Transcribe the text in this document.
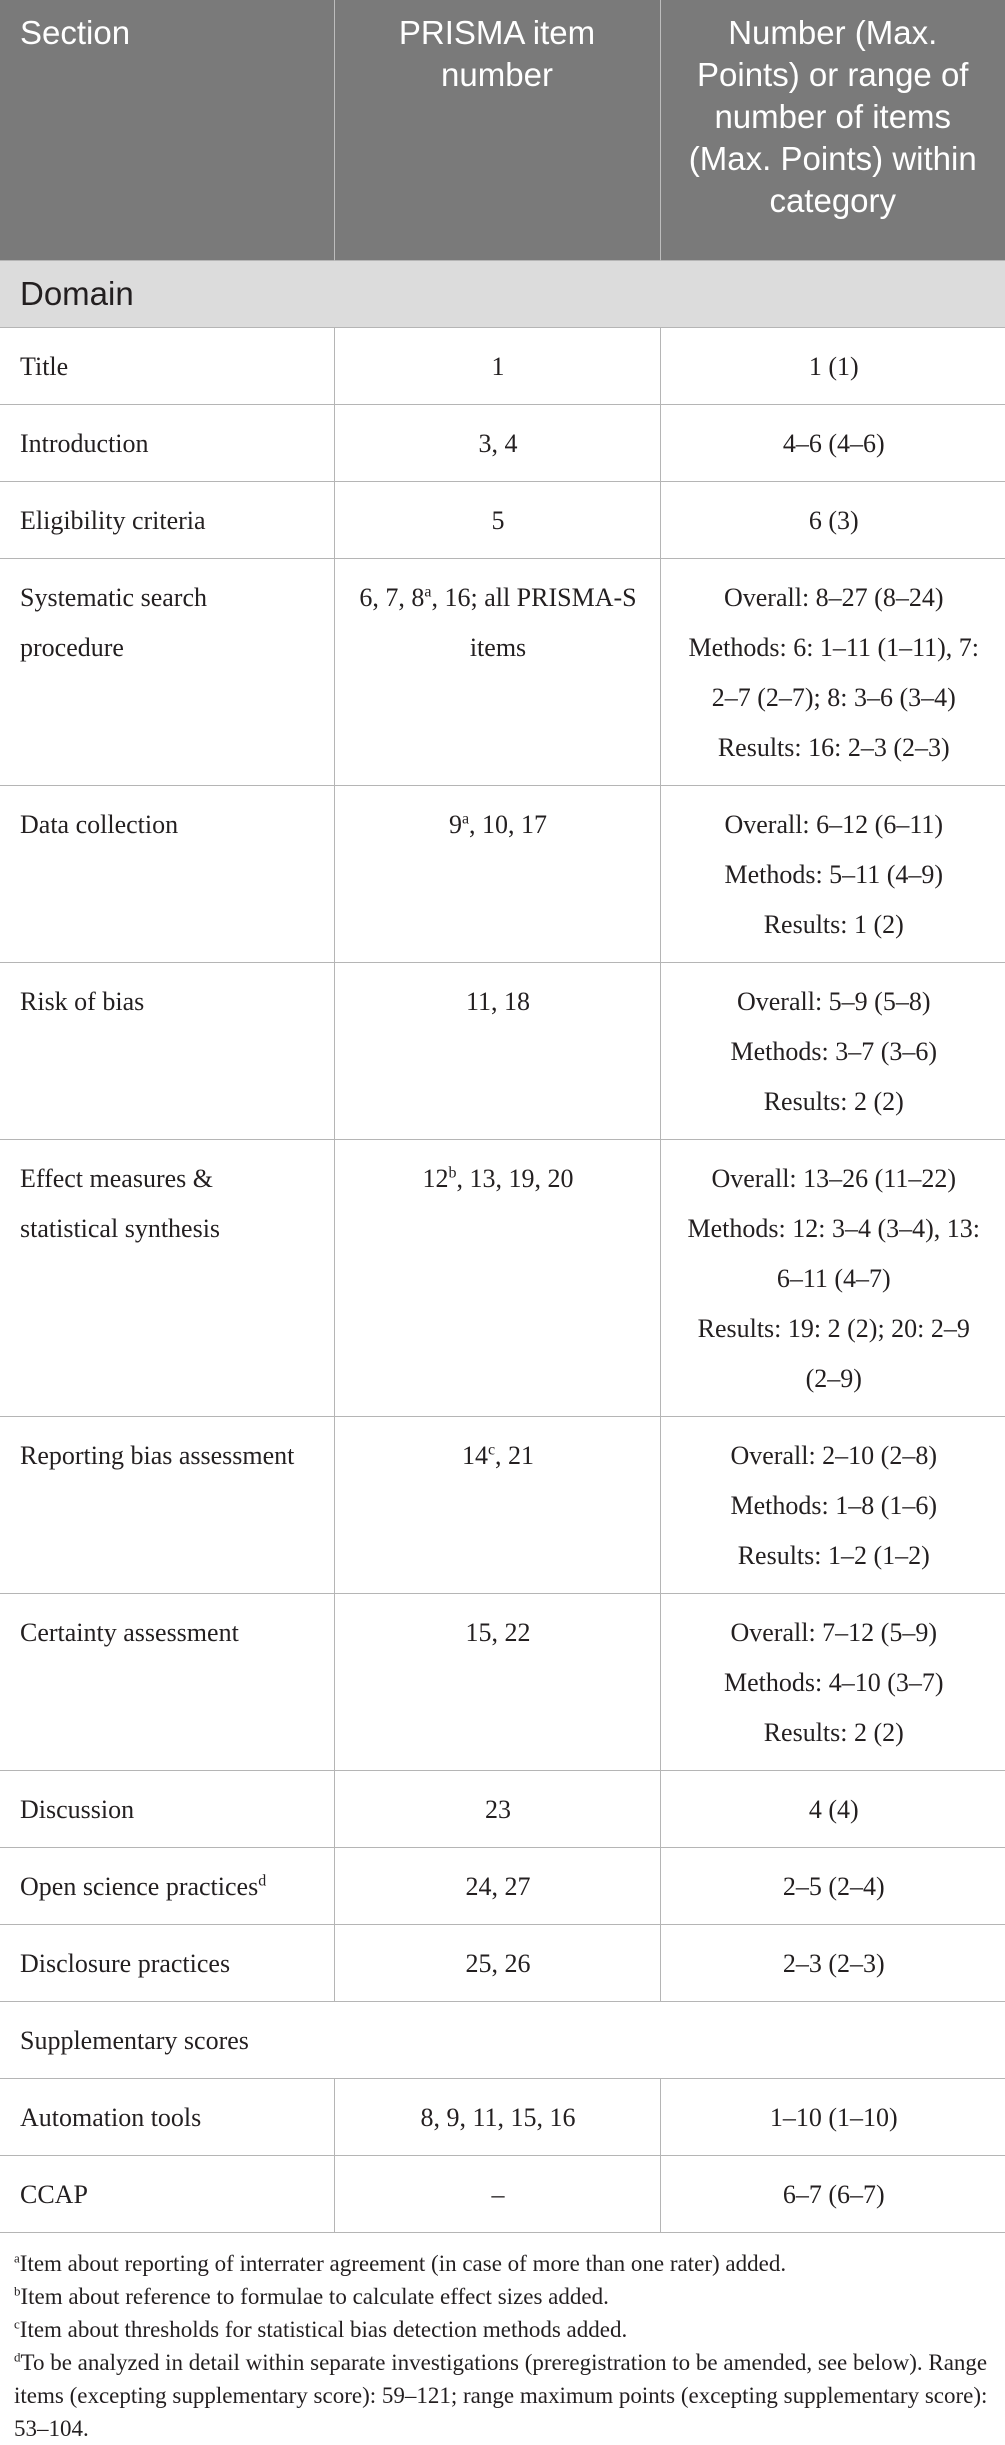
Section	PRISMA item number	Number (Max. Points) or range of number of items (Max. Points) within category
Domain		
Title	1	1 (1)

Introduction	3, 4	4–6 (4–6)

Eligibility criteria	5	6 (3)

Systematic search procedure	6, 7, 8$^a$, 16; all PRISMA-S items	Overall: 8–27 (8–24)
Methods: 6: 1–11 (1–11), 7: 2–7 (2–7); 8: 3–6 (3–4)
Results: 16: 2–3 (2–3)

Data collection	9$^a$, 10, 17	Overall: 6–12 (6–11)
Methods: 5–11 (4–9)
Results: 1 (2)

Risk of bias	11, 18	Overall: 5–9 (5–8)
Methods: 3–7 (3–6)
Results: 2 (2)

Effect measures & statistical synthesis	12$^b$, 13, 19, 20	Overall: 13–26 (11–22)
Methods: 12: 3–4 (3–4), 13: 6–11 (4–7)
Results: 19: 2 (2); 20: 2–9 (2–9)

Reporting bias assessment	14$^c$, 21	Overall: 2–10 (2–8)
Methods: 1–8 (1–6)
Results: 1–2 (1–2)

Certainty assessment	15, 22	Overall: 7–12 (5–9)
Methods: 4–10 (3–7)
Results: 2 (2)

Discussion	23	4 (4)

Open science practices$^d$	24, 27	2–5 (2–4)

Disclosure practices	25, 26	2–3 (2–3)

Supplementary scores		
Automation tools	8, 9, 11, 15, 16	1–10 (1–10)

CCAP	–	6–7 (6–7)

$^a$Item about reporting of interrater agreement (in case of more than one rater) added.

$^b$Item about reference to formulae to calculate effect sizes added.

$^c$Item about thresholds for statistical bias detection methods added.

$^d$To be analyzed in detail within separate investigations (preregistration to be amended, see below). Range items (excepting supplementary score): 59–121; range maximum points (excepting supplementary score): 53–104.
